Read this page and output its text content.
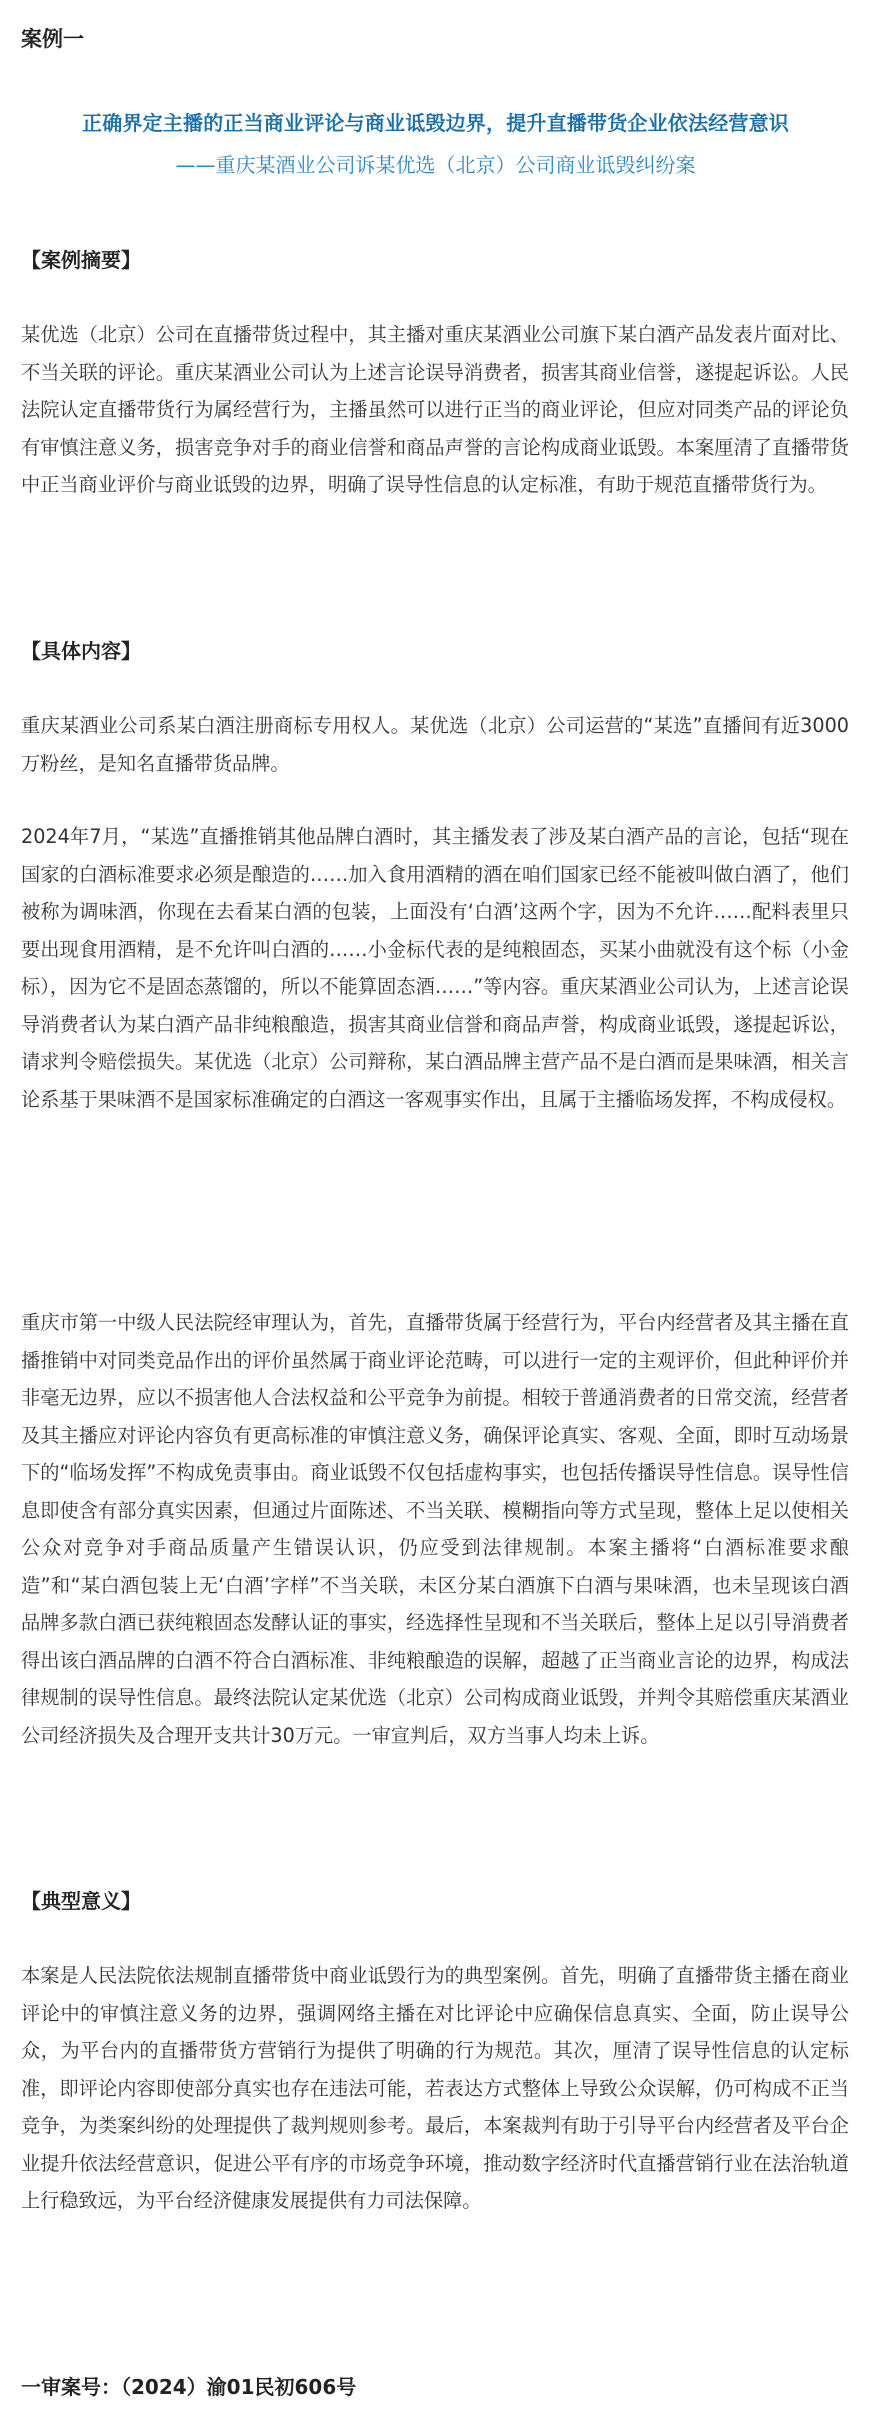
案例一
正确界定主播的正当商业评论与商业诋毁边界，提升直播带货企业依法经营意识
——重庆某酒业公司诉某优选（北京）公司商业诋毁纠纷案
【案例摘要】

某优选（北京）公司在直播带货过程中，其主播对重庆某酒业公司旗下某白酒产品发表片面对比、不当关联的评论。重庆某酒业公司认为上述言论误导消费者，损害其商业信誉，遂提起诉讼。人民法院认定直播带货行为属经营行为，主播虽然可以进行正当的商业评论，但应对同类产品的评论负有审慎注意义务，损害竞争对手的商业信誉和商品声誉的言论构成商业诋毁。本案厘清了直播带货中正当商业评价与商业诋毁的边界，明确了误导性信息的认定标准，有助于规范直播带货行为。

【具体内容】

重庆某酒业公司系某白酒注册商标专用权人。某优选（北京）公司运营的“某选”直播间有近3000万粉丝，是知名直播带货品牌。

2024年7月，“某选”直播推销其他品牌白酒时，其主播发表了涉及某白酒产品的言论，包括“现在国家的白酒标准要求必须是酿造的……加入食用酒精的酒在咱们国家已经不能被叫做白酒了，他们被称为调味酒，你现在去看某白酒的包装，上面没有‘白酒’这两个字，因为不允许……配料表里只要出现食用酒精，是不允许叫白酒的……小金标代表的是纯粮固态，买某小曲就没有这个标（小金标），因为它不是固态蒸馏的，所以不能算固态酒……”等内容。重庆某酒业公司认为，上述言论误导消费者认为某白酒产品非纯粮酿造，损害其商业信誉和商品声誉，构成商业诋毁，遂提起诉讼，请求判令赔偿损失。某优选（北京）公司辩称，某白酒品牌主营产品不是白酒而是果味酒，相关言论系基于果味酒不是国家标准确定的白酒这一客观事实作出，且属于主播临场发挥，不构成侵权。

重庆市第一中级人民法院经审理认为，首先，直播带货属于经营行为，平台内经营者及其主播在直播推销中对同类竞品作出的评价虽然属于商业评论范畴，可以进行一定的主观评价，但此种评价并非毫无边界，应以不损害他人合法权益和公平竞争为前提。相较于普通消费者的日常交流，经营者及其主播应对评论内容负有更高标准的审慎注意义务，确保评论真实、客观、全面，即时互动场景下的“临场发挥”不构成免责事由。商业诋毁不仅包括虚构事实，也包括传播误导性信息。误导性信息即使含有部分真实因素，但通过片面陈述、不当关联、模糊指向等方式呈现，整体上足以使相关公众对竞争对手商品质量产生错误认识，仍应受到法律规制。本案主播将“白酒标准要求酿造”和“某白酒包装上无‘白酒’字样”不当关联，未区分某白酒旗下白酒与果味酒，也未呈现该白酒品牌多款白酒已获纯粮固态发酵认证的事实，经选择性呈现和不当关联后，整体上足以引导消费者得出该白酒品牌的白酒不符合白酒标准、非纯粮酿造的误解，超越了正当商业言论的边界，构成法律规制的误导性信息。最终法院认定某优选（北京）公司构成商业诋毁，并判令其赔偿重庆某酒业公司经济损失及合理开支共计30万元。一审宣判后，双方当事人均未上诉。

【典型意义】

本案是人民法院依法规制直播带货中商业诋毁行为的典型案例。首先，明确了直播带货主播在商业评论中的审慎注意义务的边界，强调网络主播在对比评论中应确保信息真实、全面，防止误导公众，为平台内的直播带货方营销行为提供了明确的行为规范。其次，厘清了误导性信息的认定标准，即评论内容即使部分真实也存在违法可能，若表达方式整体上导致公众误解，仍可构成不正当竞争，为类案纠纷的处理提供了裁判规则参考。最后，本案裁判有助于引导平台内经营者及平台企业提升依法经营意识，促进公平有序的市场竞争环境，推动数字经济时代直播营销行业在法治轨道上行稳致远，为平台经济健康发展提供有力司法保障。

一审案号：（2024）渝01民初606号
